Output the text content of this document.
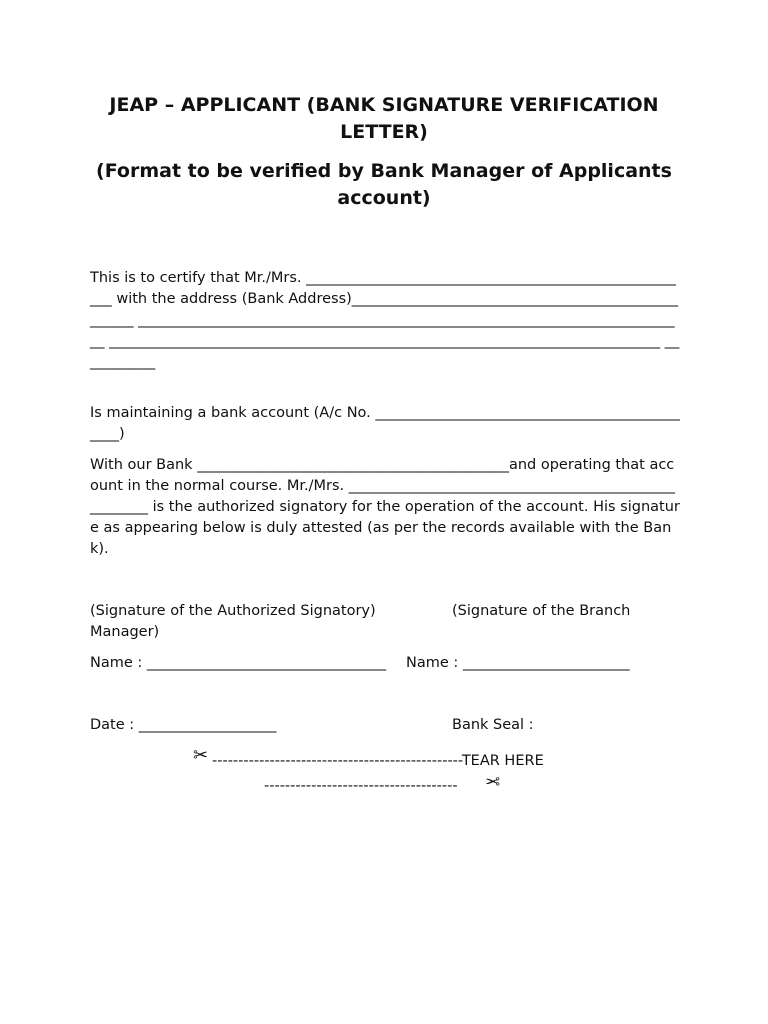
JEAP – APPLICANT (BANK SIGNATURE VERIFICATION LETTER)
(Format to be verified by Bank Manager of Applicants account)

This is to certify that Mr./Mrs. ______________________________________________________ with the address (Bank Address)___________________________________________________ ____________________________________________________________________________ ____________________________________________________________________________ ___________

Is maintaining a bank account (A/c No. ______________________________________________)

With our Bank ___________________________________________and operating that account in the normal course. Mr./Mrs. _____________________________________________________ is the authorized signatory for the operation of the account. His signature as appearing below is duly attested (as per the records available with the Bank).

(Signature of the Authorized Signatory)	(Signature of the Branch
Manager)
Name : _________________________________ Name : _______________________
Date : ___________________	Bank Seal :
✂ ------------------------------------------------TEAR HERE
------------------------------------- ✂
